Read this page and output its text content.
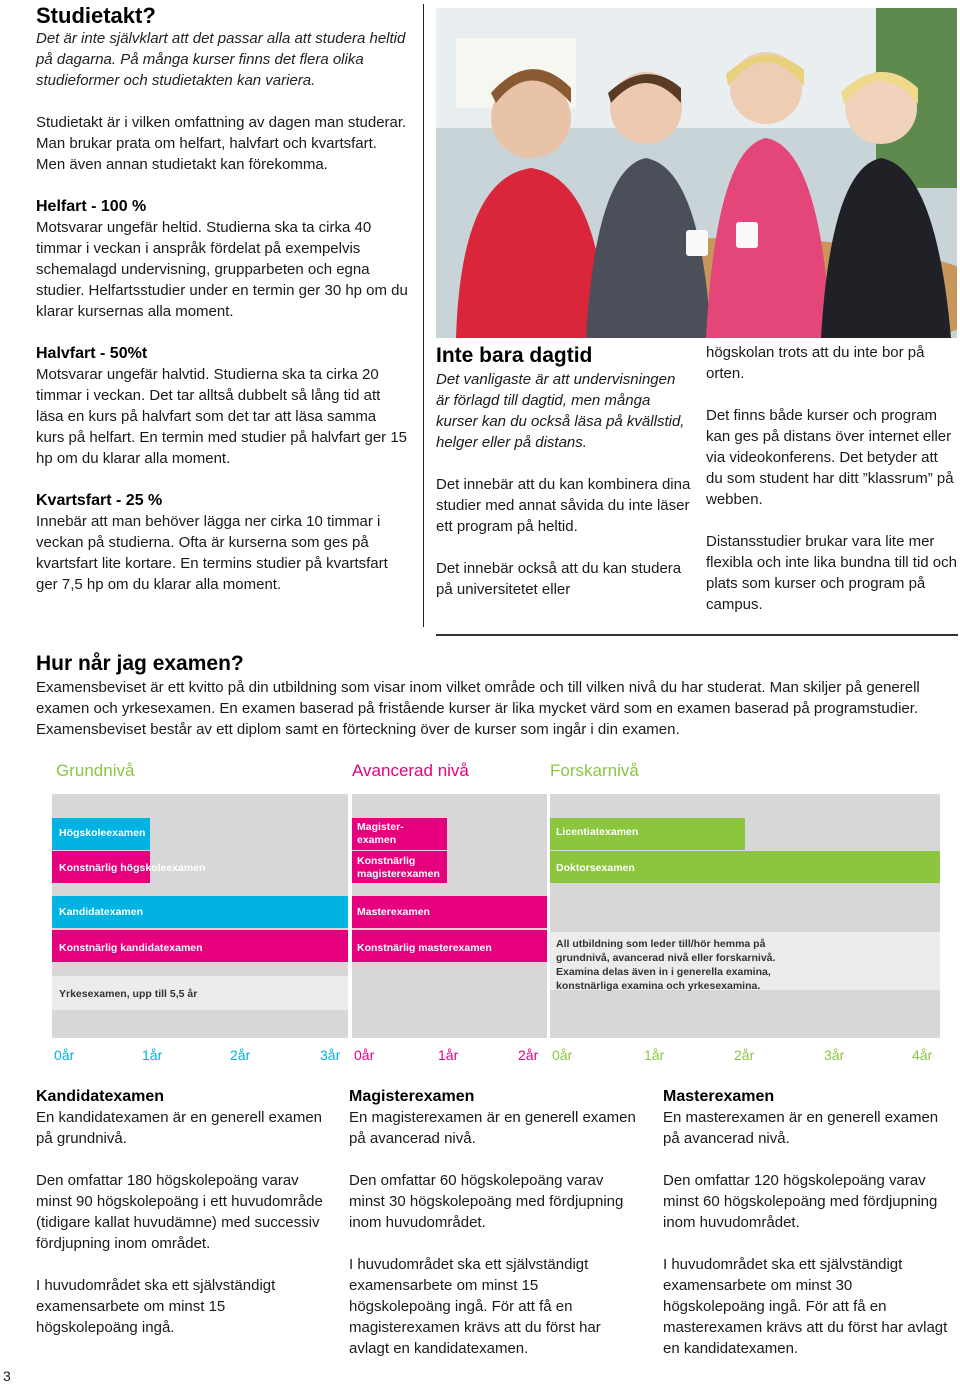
Studietakt?

Det är inte självklart att det passar alla att studera heltid på dagarna. På många kurser finns det flera olika studieformer och studietakten kan variera.

Studietakt är i vilken omfattning av dagen man studerar. Man brukar prata om helfart, halvfart och kvartsfart. Men även annan studietakt kan förekomma.

Helfart - 100 %

Motsvarar ungefär heltid. Studierna ska ta cirka 40 timmar i veckan i anspråk fördelat på exempelvis schemalagd undervisning, grupparbeten och egna studier. Helfartsstudier under en termin ger 30 hp om du klarar kursernas alla moment.

Halvfart - 50%t

Motsvarar ungefär halvtid. Studierna ska ta cirka 20 timmar i veckan. Det tar alltså dubbelt så lång tid att läsa en kurs på halvfart som det tar att läsa samma kurs på helfart. En termin med studier på halvfart ger 15 hp om du klarar alla moment.

Kvartsfart - 25 %

Innebär att man behöver lägga ner cirka 10 timmar i veckan på studierna. Ofta är kurserna som ges på kvartsfart lite kortare. En termins studier på kvartsfart ger 7,5 hp om du klarar alla moment.

Inte bara dagtid

Det vanligaste är att undervisningen är förlagd till dagtid, men många kurser kan du också läsa på kvällstid, helger eller på distans.

Det innebär att du kan kombinera dina studier med annat såvida du inte läser ett program på heltid.

Det innebär också att du kan studera på universitetet eller

högskolan trots att du inte bor på orten.

Det finns både kurser och program kan ges på distans över internet eller via videokonferens. Det betyder att du som student har ditt ”klassrum” på webben.

Distansstudier brukar vara lite mer flexibla och inte lika bundna till tid och plats som kurser och program på campus.

Hur når jag examen?

Examensbeviset är ett kvitto på din utbildning som visar inom vilket område och till vilken nivå du har studerat. Man skiljer på generell examen och yrkesexamen. En examen baserad på fristående kurser är lika mycket värd som en examen baserad på programstudier. Examensbeviset består av ett diplom samt en förteckning över de kurser som ingår i din examen.

Grundnivå	Avancerad nivå	Forskarnivå
Högskoleexamen
Konstnärlig högskoleexamen
Kandidatexamen
Konstnärlig kandidatexamen
Yrkesexamen, upp till 5,5 år
Magister-
examen
Konstnärlig
magisterexamen
Masterexamen
Konstnärlig masterexamen
Licentiatexamen
Doktorsexamen
All utbildning som leder till/hör hemma på
grundnivå, avancerad nivå eller forskarnivå.
Examina delas även in i generella examina,
konstnärliga examina och yrkesexamina.
0år	1år	2år	3år 0år	1år	2år 0år	1år	2år	3år	4år

Kandidatexamen

En kandidatexamen är en generell examen på grundnivå.

Den omfattar 180 högskolepoäng varav minst 90 högskolepoäng i ett huvudområde (tidigare kallat huvudämne) med successiv fördjupning inom området.

I huvudområdet ska ett självständigt examensarbete om minst 15 högskolepoäng ingå.

Magisterexamen

En magisterexamen är en generell examen på avancerad nivå.

Den omfattar 60 högskolepoäng varav minst 30 högskolepoäng med fördjupning inom huvudområdet.

I huvudområdet ska ett självständigt examensarbete om minst 15 högskolepoäng ingå. För att få en magisterexamen krävs att du först har avlagt en kandidatexamen.

Masterexamen

En masterexamen är en generell examen på avancerad nivå.

Den omfattar 120 högskolepoäng varav minst 60 högskolepoäng med fördjupning inom huvudområdet.

I huvudområdet ska ett självständigt examensarbete om minst 30 högskolepoäng ingå. För att få en masterexamen krävs att du först har avlagt en kandidatexamen.

3
